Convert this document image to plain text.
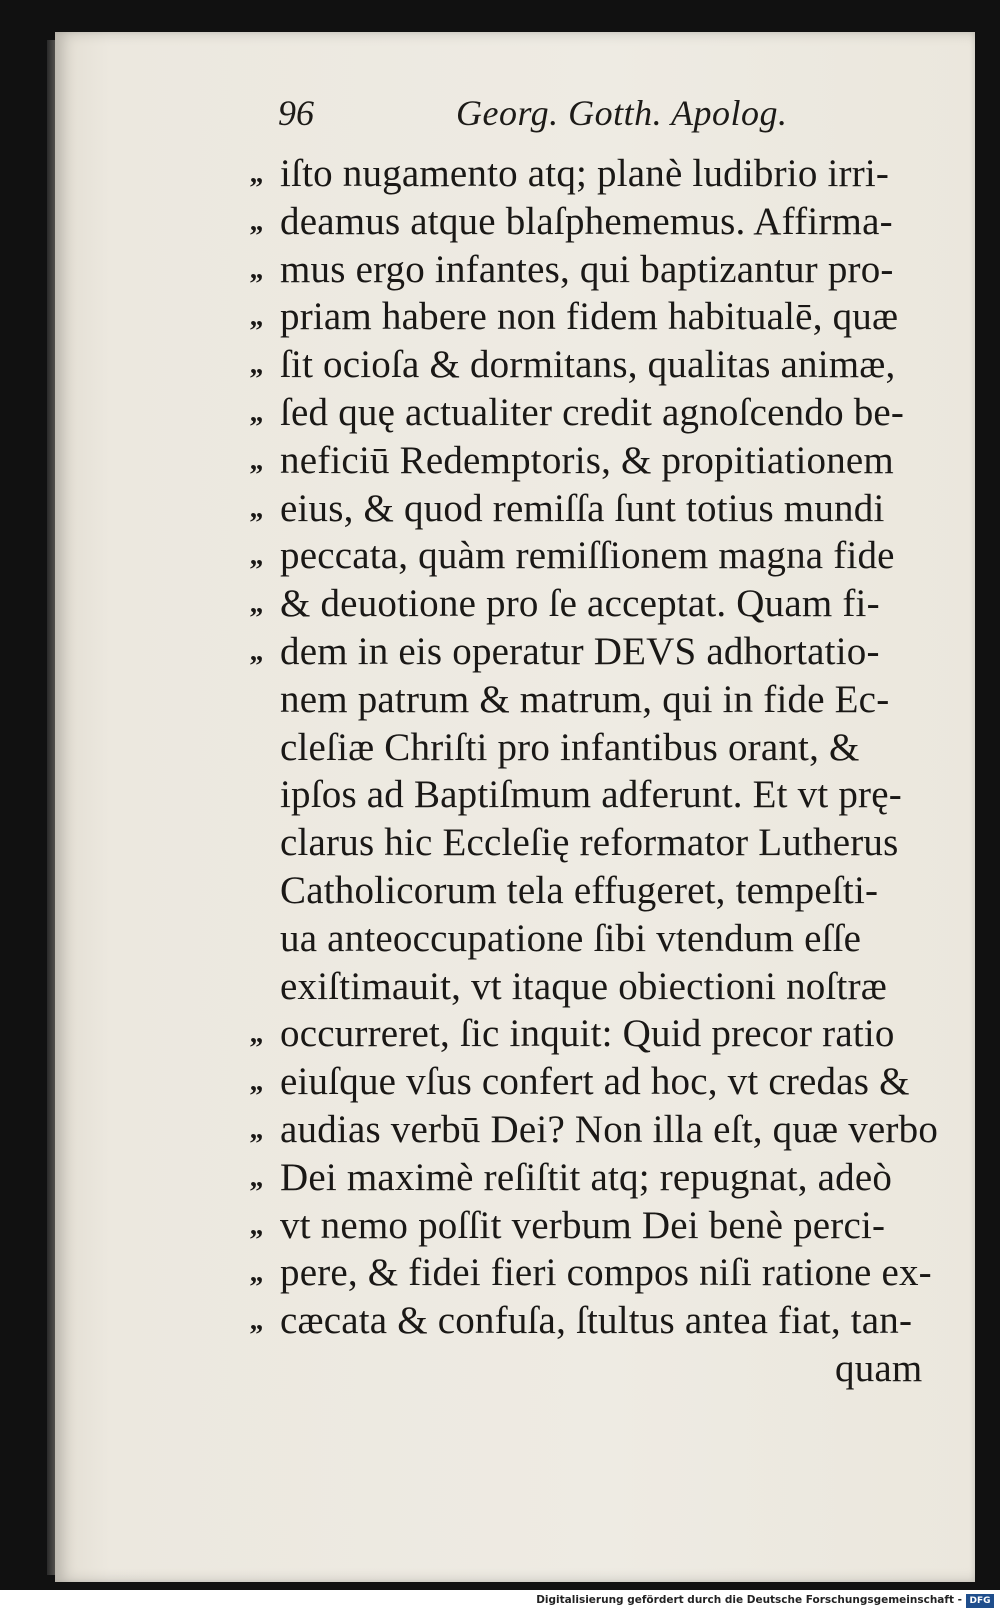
96	Georg. Gotth. Apolog.
,, iſto nugamento atq; planè ludibrio irri-
,, deamus atque blaſphememus. Affirma-
,, mus ergo infantes, qui baptizantur pro-
,, priam habere non fidem habitualē, quæ
,, ſit ocioſa & dormitans, qualitas animæ,
,, ſed quę actualiter credit agnoſcendo be-
,, neficiū Redemptoris, & propitiationem
,, eius, & quod remiſſa ſunt totius mundi
,, peccata, quàm remiſſionem magna fide
,, & deuotione pro ſe acceptat. Quam fi-
,, dem in eis operatur DEVS adhortatio-
nem patrum & matrum, qui in fide Ec-
cleſiæ Chriſti pro infantibus orant, &
ipſos ad Baptiſmum adferunt. Et vt prę-
clarus hic Eccleſię reformator Lutherus
Catholicorum tela effugeret, tempeſti-
ua anteoccupatione ſibi vtendum eſſe
exiſtimauit, vt itaque obiectioni noſtræ
,, occurreret, ſic inquit: Quid precor ratio
,, eiuſque vſus confert ad hoc, vt credas &
,, audias verbū Dei? Non illa eſt, quæ verbo
,, Dei maximè reſiſtit atq; repugnat, adeò
,, vt nemo poſſit verbum Dei benè perci-
,, pere, & fidei fieri compos niſi ratione ex-
,, cæcata & confuſa, ſtultus antea fiat, tan-
quam
Digitalisierung gefördert durch die Deutsche Forschungsgemeinschaft - DFG
